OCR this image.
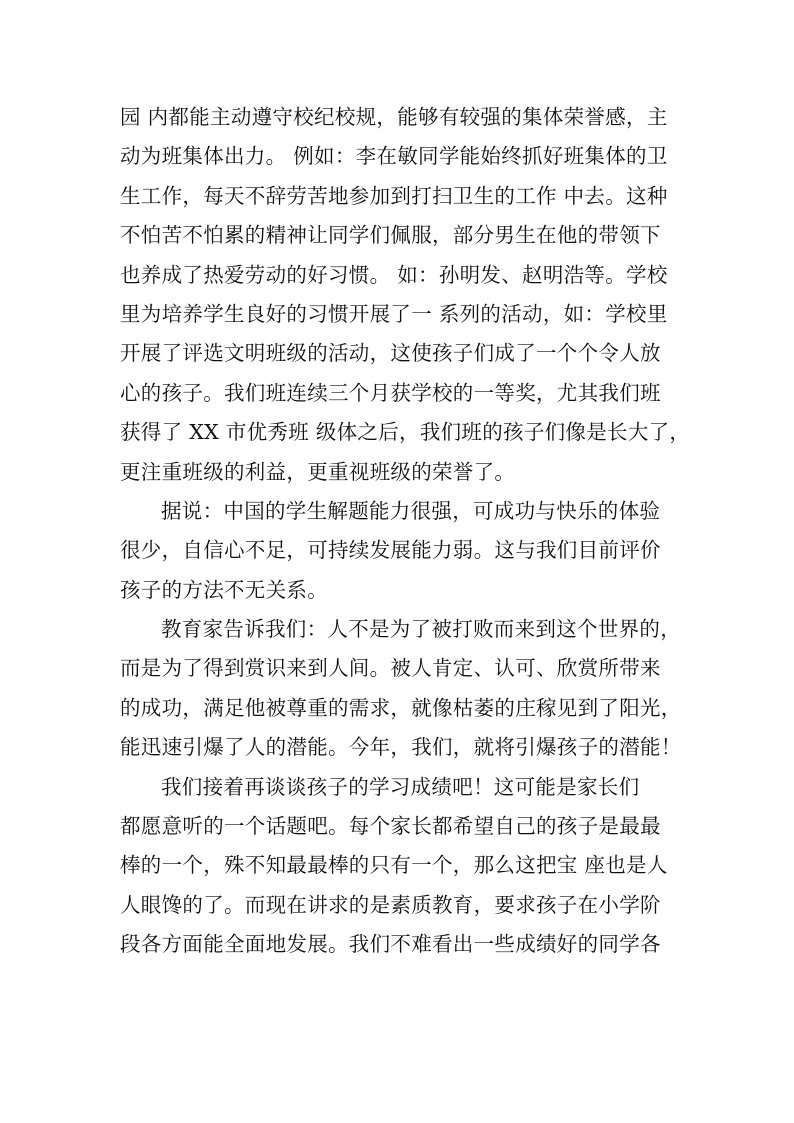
园 内都能主动遵守校纪校规，能够有较强的集体荣誉感，主
动为班集体出力。 例如：李在敏同学能始终抓好班集体的卫
生工作，每天不辞劳苦地参加到打扫卫生的工作 中去。这种
不怕苦不怕累的精神让同学们佩服，部分男生在他的带领下
也养成了热爱劳动的好习惯。 如：孙明发、赵明浩等。学校
里为培养学生良好的习惯开展了一 系列的活动，如：学校里
开展了评选文明班级的活动，这使孩子们成了一个个令人放
心的孩子。我们班连续三个月获学校的一等奖，尤其我们班
获得了 XX 市优秀班 级体之后，我们班的孩子们像是长大了，
更注重班级的利益，更重视班级的荣誉了。
据说：中国的学生解题能力很强，可成功与快乐的体验
很少，自信心不足，可持续发展能力弱。这与我们目前评价
孩子的方法不无关系。
教育家告诉我们：人不是为了被打败而来到这个世界的，
而是为了得到赏识来到人间。被人肯定、认可、欣赏所带来
的成功，满足他被尊重的需求，就像枯萎的庄稼见到了阳光，
能迅速引爆了人的潜能。今年，我们，就将引爆孩子的潜能！
我们接着再谈谈孩子的学习成绩吧！这可能是家长们
都愿意听的一个话题吧。每个家长都希望自己的孩子是最最
棒的一个，殊不知最最棒的只有一个，那么这把宝 座也是人
人眼馋的了。而现在讲求的是素质教育，要求孩子在小学阶
段各方面能全面地发展。我们不难看出一些成绩好的同学各
